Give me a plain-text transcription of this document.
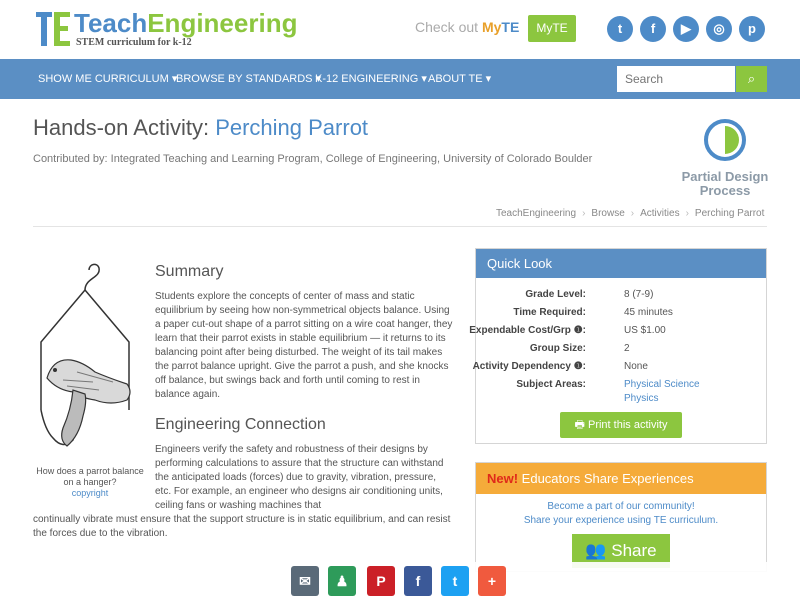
TeachEngineering
STEM curriculum for k-12
Check out MyTE	MyTE	t	f	▶	◎	p
SHOW ME CURRICULUM ▾
BROWSE BY STANDARDS ▾
K-12 ENGINEERING ▾ ABOUT TE ▾
Search	⌕
Hands-on Activity: Perching Parrot
Contributed by: Integrated Teaching and Learning Program, College of Engineering, University of Colorado Boulder
Partial Design Process
TeachEngineering › Browse › Activities › Perching Parrot
How does a parrot balance on a hanger?
copyright
Summary
Students explore the concepts of center of mass and static equilibrium by seeing how non-symmetrical objects balance. Using a paper cut-out shape of a parrot sitting on a wire coat hanger, they learn that their parrot exists in stable equilibrium — it returns to its balancing point after being disturbed. The weight of its tail makes the parrot balance upright. Give the parrot a push, and she knocks off balance, but swings back and forth until coming to rest in balance again.
Engineering Connection
Engineers verify the safety and robustness of their designs by performing calculations to assure that the structure can withstand the anticipated loads (forces) due to gravity, vibration, pressure, etc. For example, an engineer who designs air conditioning units, ceiling fans or washing machines that
continually vibrate must ensure that the support structure is in static equilibrium, and can resist the forces due to the vibration.
Quick Look
Grade Level:	8 (7-9)
Time Required:	45 minutes
Expendable Cost/Grp ❶:	US $1.00
Group Size:	2
Activity Dependency ❶:	None
Subject Areas:	Physical Science
Physics
🖶 Print this activity
New! Educators Share Experiences
Become a part of our community!
Share your experience using TE curriculum.
👥 Share
✉	♟	P	f	t	+
